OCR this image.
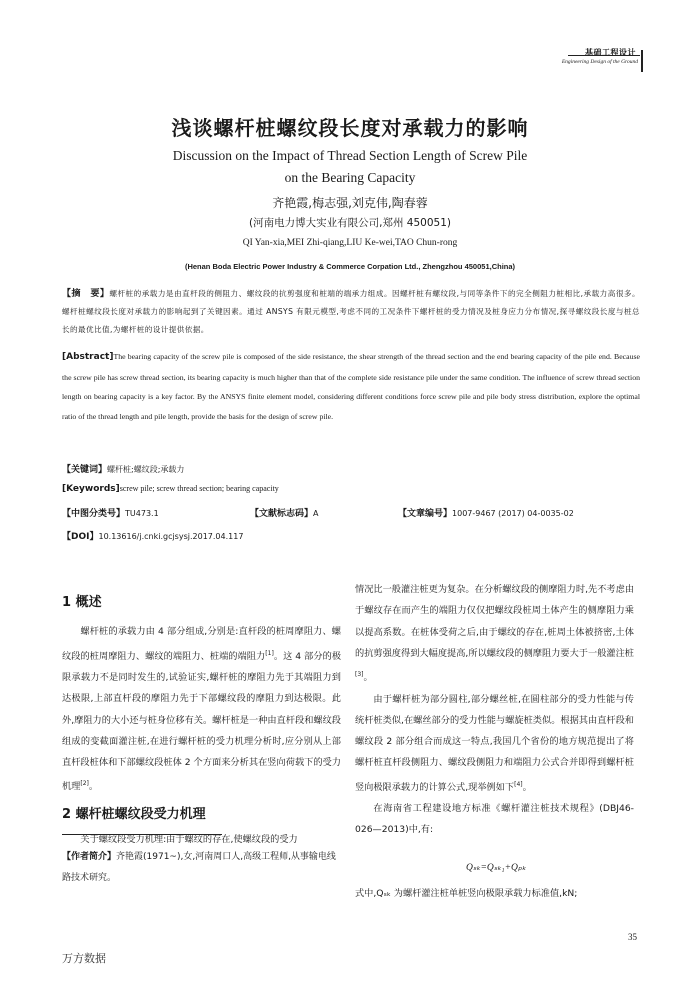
基础工程设计
Engineering Design of the Ground
浅谈螺杆桩螺纹段长度对承载力的影响
Discussion on the Impact of Thread Section Length of Screw Pile
on the Bearing Capacity
齐艳霞,梅志强,刘克伟,陶春蓉
(河南电力博大实业有限公司,郑州 450051)
QI Yan-xia,MEI Zhi-qiang,LIU Ke-wei,TAO Chun-rong
(Henan Boda Electric Power Industry & Commerce Corpation Ltd., Zhengzhou 450051,China)
【摘　要】螺杆桩的承载力是由直杆段的侧阻力、螺纹段的抗剪强度和桩端的端承力组成。因螺杆桩有螺纹段,与同等条件下的完全侧阻力桩相比,承载力高很多。螺杆桩螺纹段长度对承载力的影响起到了关键因素。通过 ANSYS 有限元模型,考虑不同的工况条件下螺杆桩的受力情况及桩身应力分布情况,探寻螺纹段长度与桩总长的最优比值,为螺杆桩的设计提供依据。
[Abstract]The bearing capacity of the screw pile is composed of the side resistance, the shear strength of the thread section and the end bearing capacity of the pile end. Because the screw pile has screw thread section, its bearing capacity is much higher than that of the complete side resistance pile under the same condition. The influence of screw thread section length on bearing capacity is a key factor. By the ANSYS finite element model, considering different conditions force screw pile and pile body stress distribution, explore the optimal ratio of the thread length and pile length, provide the basis for the design of screw pile.
【关键词】螺杆桩;螺纹段;承载力
[Keywords]screw pile; screw thread section; bearing capacity
【中图分类号】TU473.1	【文献标志码】A	【文章编号】1007-9467 (2017) 04-0035-02
【DOI】10.13616/j.cnki.gcjsysj.2017.04.117
1 概述

螺杆桩的承载力由 4 部分组成,分别是:直杆段的桩周摩阻力、螺纹段的桩周摩阻力、螺纹的端阻力、桩端的端阻力[1]。这 4 部分的极限承载力不是同时发生的,试验证实,螺杆桩的摩阻力先于其端阻力到达极限,上部直杆段的摩阻力先于下部螺纹段的摩阻力到达极限。此外,摩阻力的大小还与桩身位移有关。螺杆桩是一种由直杆段和螺纹段组成的变截面灌注桩,在进行螺杆桩的受力机理分析时,应分别从上部直杆段桩体和下部螺纹段桩体 2 个方面来分析其在竖向荷载下的受力机理[2]。

2 螺杆桩螺纹段受力机理

关于螺纹段受力机理:由于螺纹的存在,使螺纹段的受力

【作者简介】齐艳霞(1971~),女,河南周口人,高级工程师,从事输电线路技术研究。

情况比一般灌注桩更为复杂。在分析螺纹段的侧摩阻力时,先不考虑由于螺纹存在而产生的端阻力仅仅把螺纹段桩周土体产生的侧摩阻力乘以提高系数。在桩体受荷之后,由于螺纹的存在,桩周土体被挤密,土体的抗剪强度得到大幅度提高,所以螺纹段的侧摩阻力要大于一般灌注桩[3]。

由于螺杆桩为部分圆柱,部分螺丝桩,在圆柱部分的受力性能与传统杆桩类似,在螺丝部分的受力性能与螺旋桩类似。根据其由直杆段和螺纹段 2 部分组合而成这一特点,我国几个省份的地方规范提出了将螺杆桩直杆段侧阻力、螺纹段侧阻力和端阻力公式合并即得到螺杆桩竖向极限承载力的计算公式,现举例如下[4]。

在海南省工程建设地方标准《螺杆灌注桩技术规程》(DBJ46-026—2013)中,有:

Qₛₖ=Qₛₖ₁+Qₚₖ

式中,Qₛₖ 为螺杆灌注桩单桩竖向极限承载力标准值,kN;

35
万方数据
